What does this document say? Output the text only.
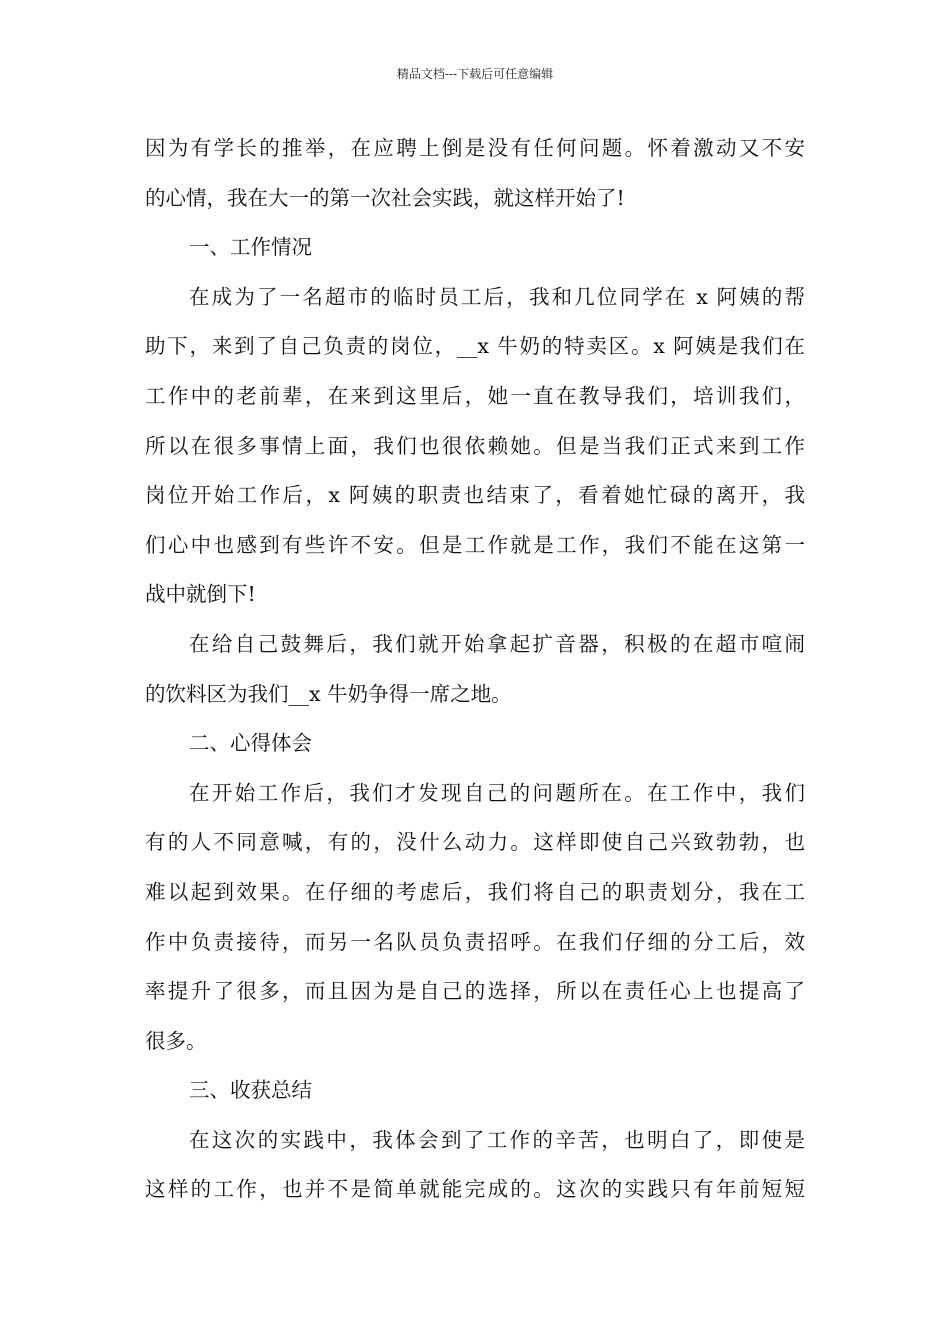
精品文档---下载后可任意编辑
因为有学长的推举，在应聘上倒是没有任何问题。怀着激动又不安
的心情，我在大一的第一次社会实践，就这样开始了!
一、工作情况
在成为了一名超市的临时员工后，我和几位同学在 x 阿姨的帮
助下，来到了自己负责的岗位，__x 牛奶的特卖区。x 阿姨是我们在
工作中的老前辈，在来到这里后，她一直在教导我们，培训我们，
所以在很多事情上面，我们也很依赖她。但是当我们正式来到工作
岗位开始工作后，x 阿姨的职责也结束了，看着她忙碌的离开，我
们心中也感到有些许不安。但是工作就是工作，我们不能在这第一
战中就倒下!
在给自己鼓舞后，我们就开始拿起扩音器，积极的在超市喧闹
的饮料区为我们__x 牛奶争得一席之地。
二、心得体会
在开始工作后，我们才发现自己的问题所在。在工作中，我们
有的人不同意喊，有的，没什么动力。这样即使自己兴致勃勃，也
难以起到效果。在仔细的考虑后，我们将自己的职责划分，我在工
作中负责接待，而另一名队员负责招呼。在我们仔细的分工后，效
率提升了很多，而且因为是自己的选择，所以在责任心上也提高了
很多。
三、收获总结
在这次的实践中，我体会到了工作的辛苦，也明白了，即使是
这样的工作，也并不是简单就能完成的。这次的实践只有年前短短
